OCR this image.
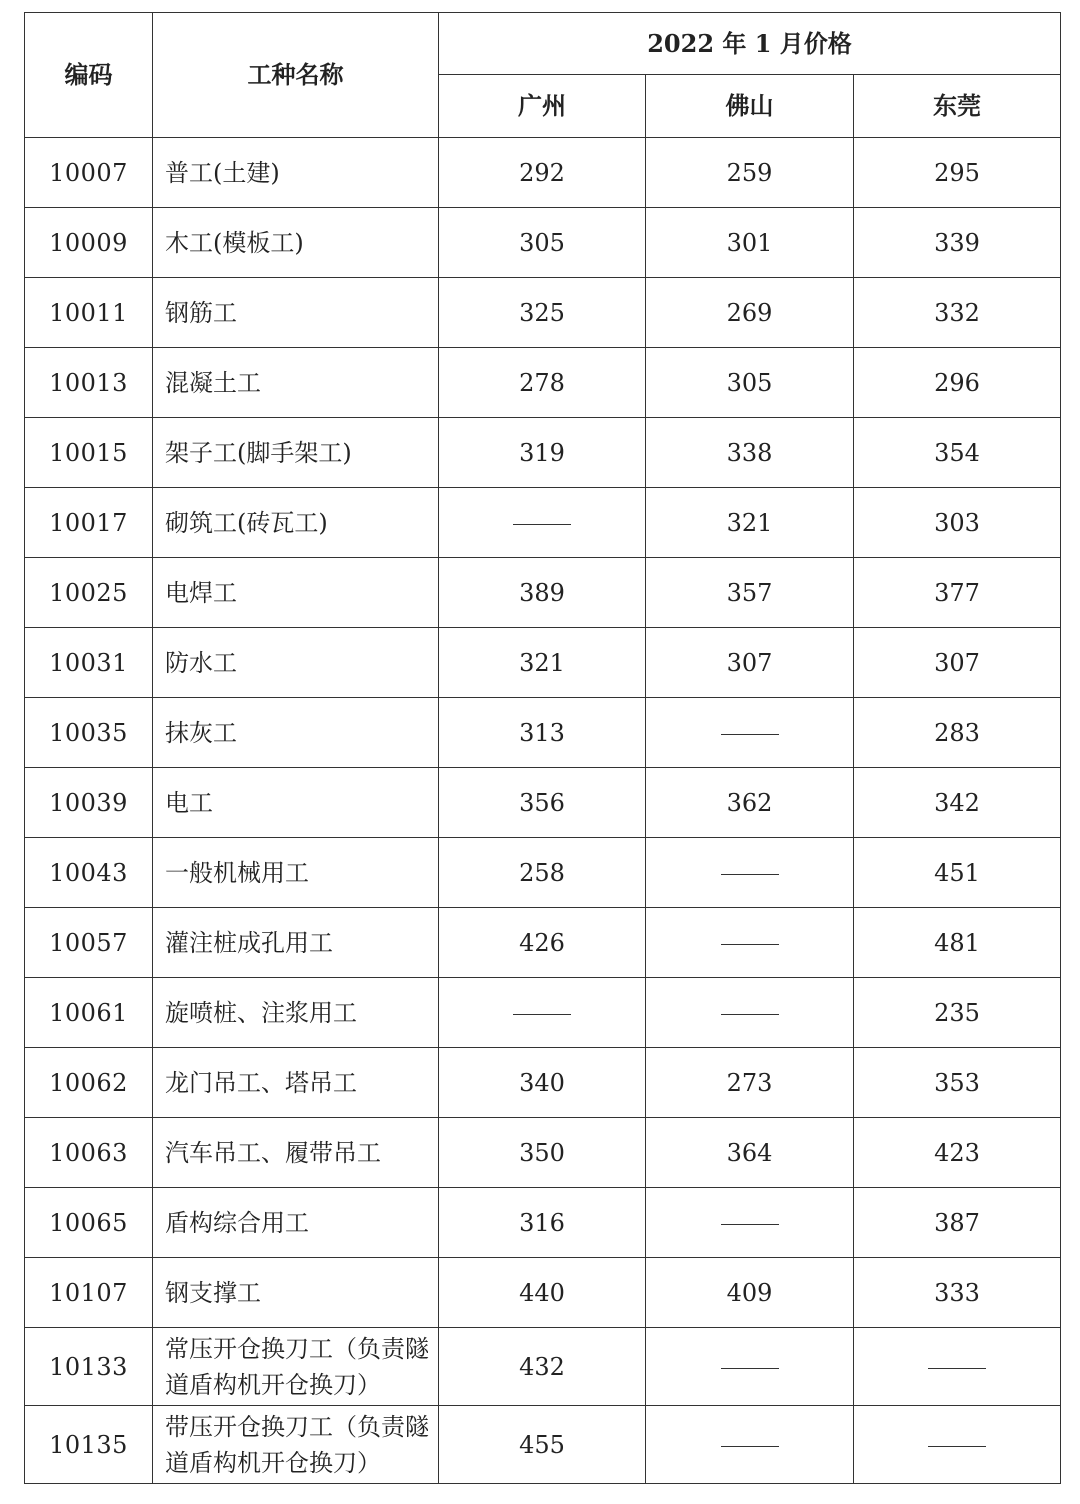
编码	工种名称	2022 年 1 月价格		
		广州	佛山	东莞
10007	普工(土建)	292	259	295
10009	木工(模板工)	305	301	339
10011	钢筋工	325	269	332
10013	混凝土工	278	305	296
10015	架子工(脚手架工)	319	338	354
10017	砌筑工(砖瓦工)		321	303
10025	电焊工	389	357	377
10031	防水工	321	307	307
10035	抹灰工	313		283
10039	电工	356	362	342
10043	一般机械用工	258		451
10057	灌注桩成孔用工	426		481
10061	旋喷桩、注浆用工			235
10062	龙门吊工、塔吊工	340	273	353
10063	汽车吊工、履带吊工	350	364	423
10065	盾构综合用工	316		387
10107	钢支撑工	440	409	333
10133	常压开仓换刀工（负责隧道盾构机开仓换刀）	432		
10135	带压开仓换刀工（负责隧道盾构机开仓换刀）	455		
